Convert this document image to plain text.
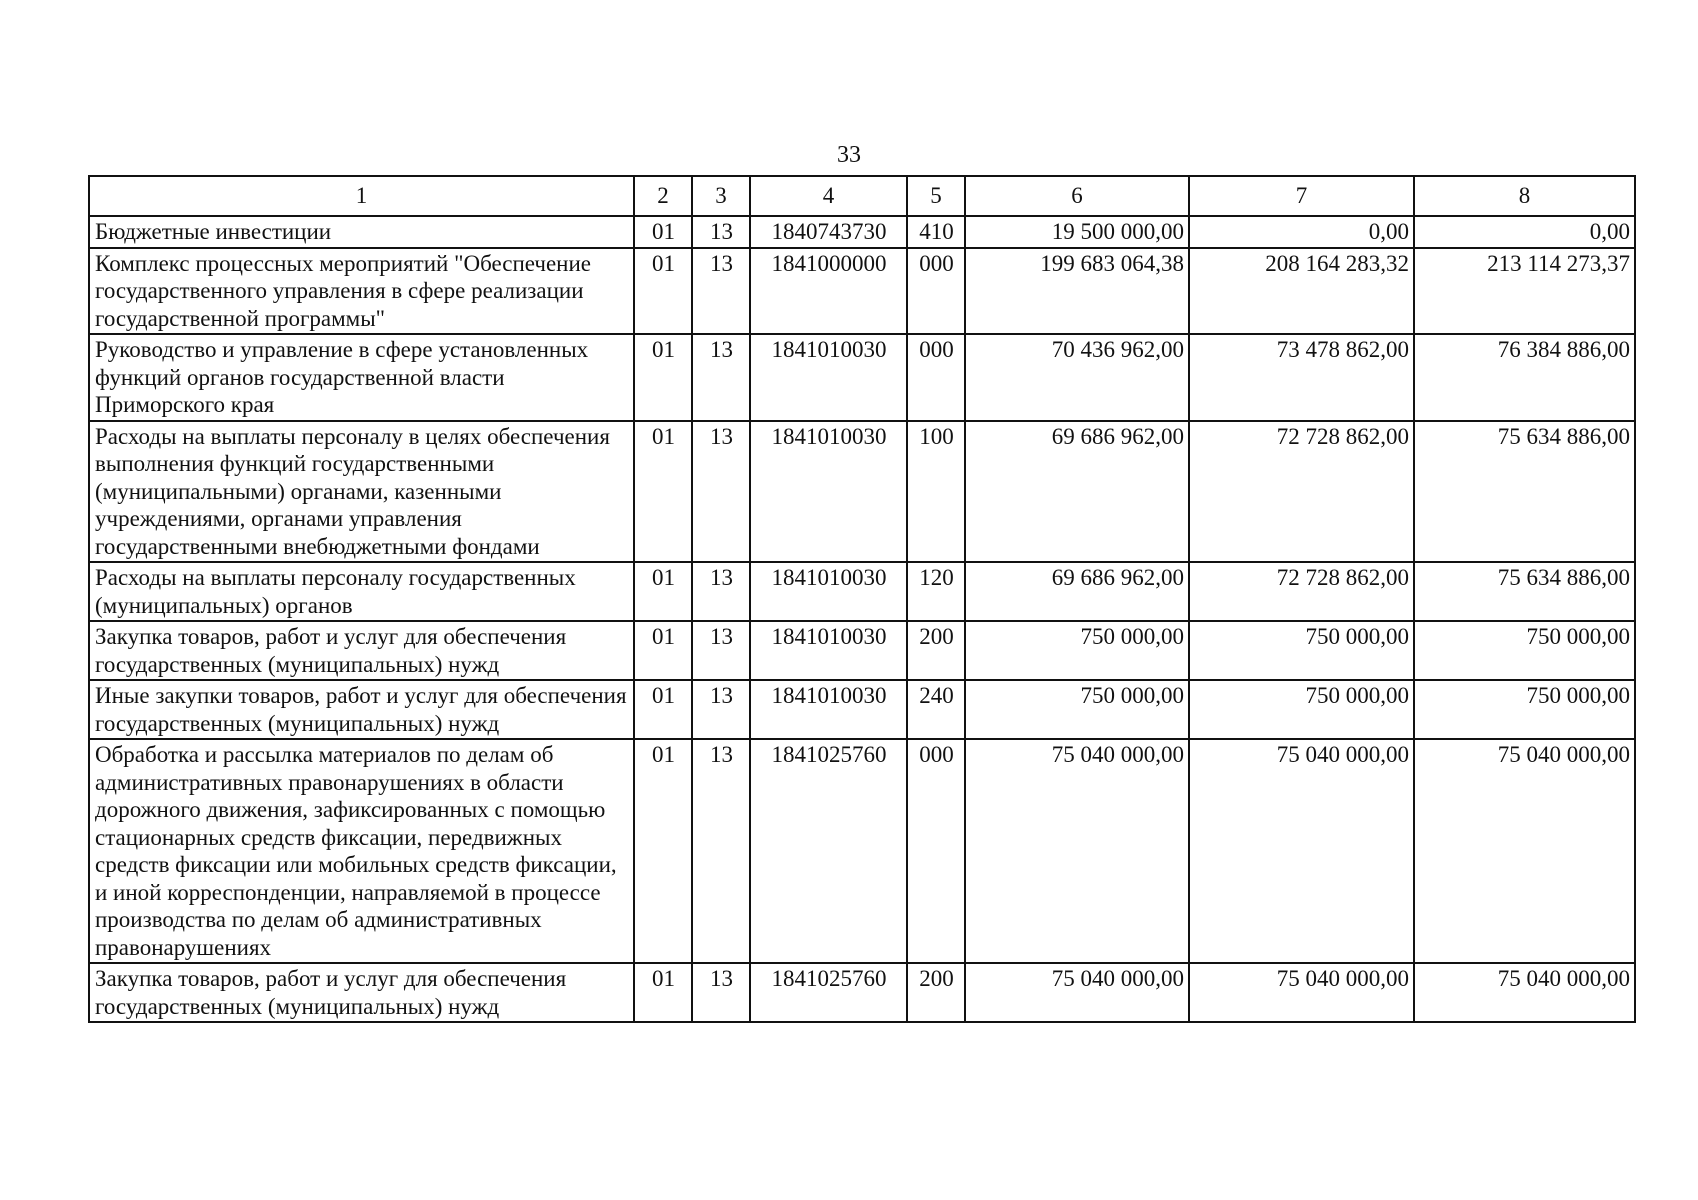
33
1	2	3	4	5	6	7	8
Бюджетные инвестиции	01	13	1840743730	410	19 500 000,00	0,00	0,00
Комплекс процессных мероприятий "Обеспечение государственного управления в сфере реализации государственной программы"	01	13	1841000000	000	199 683 064,38	208 164 283,32	213 114 273,37
Руководство и управление в сфере установленных функций органов государственной власти Приморского края	01	13	1841010030	000	70 436 962,00	73 478 862,00	76 384 886,00
Расходы на выплаты персоналу в целях обеспечения выполнения функций государственными (муниципальными) органами, казенными учреждениями, органами управления государственными внебюджетными фондами	01	13	1841010030	100	69 686 962,00	72 728 862,00	75 634 886,00
Расходы на выплаты персоналу государственных (муниципальных) органов	01	13	1841010030	120	69 686 962,00	72 728 862,00	75 634 886,00
Закупка товаров, работ и услуг для обеспечения государственных (муниципальных) нужд	01	13	1841010030	200	750 000,00	750 000,00	750 000,00
Иные закупки товаров, работ и услуг для обеспечения государственных (муниципальных) нужд	01	13	1841010030	240	750 000,00	750 000,00	750 000,00
Обработка и рассылка материалов по делам об административных правонарушениях в области дорожного движения, зафиксированных с помощью стационарных средств фиксации, передвижных средств фиксации или мобильных средств фиксации, и иной корреспонденции, направляемой в процессе производства по делам об административных правонарушениях	01	13	1841025760	000	75 040 000,00	75 040 000,00	75 040 000,00
Закупка товаров, работ и услуг для обеспечения государственных (муниципальных) нужд	01	13	1841025760	200	75 040 000,00	75 040 000,00	75 040 000,00
